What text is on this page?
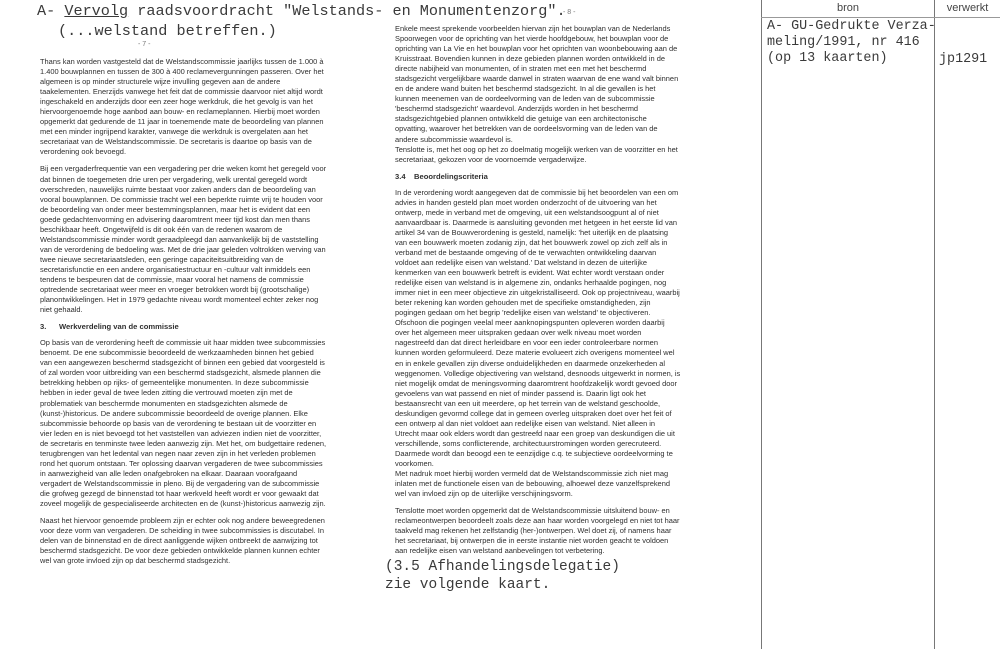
A- Vervolg raadsvoordracht "Welstands- en Monumentenzorg".
(...welstand betreffen.)
- 7 -
- 8 -

Thans kan worden vastgesteld dat de Welstandscommissie jaarlijks tussen de 1.000 à 1.400 bouwplannen en tussen de 300 à 400 reclamevergunningen passeren. Over het algemeen is op minder structurele wijze invulling gegeven aan de andere taakelementen. Enerzijds vanwege het feit dat de commissie daarvoor niet altijd wordt ingeschakeld en anderzijds door een zeer hoge werkdruk, die het gevolg is van het hiervoorgenoemde hoge aanbod aan bouw- en reclameplannen. Hierbij moet worden opgemerkt dat gedurende de 11 jaar in toenemende mate de beoordeling van plannen met een minder ingrijpend karakter, vanwege die werkdruk is overgelaten aan het secretariaat van de Welstandscommissie. De secretaris is daartoe op basis van de verordening ook bevoegd.

Bij een vergaderfrequentie van een vergadering per drie weken komt het geregeld voor dat binnen de toegemeten drie uren per vergadering, welk urental geregeld wordt overschreden, nauwelijks ruimte bestaat voor zaken anders dan de beoordeling van vooral bouwplannen. De commissie tracht wel een beperkte ruimte vrij te houden voor de beoordeling van onder meer bestemmingsplannen, maar het is evident dat een goede gedachtenvorming en advisering daaromtrent meer tijd kost dan men thans beschikbaar heeft. Ongetwijfeld is dit ook één van de redenen waarom de Welstandscommissie minder wordt geraadpleegd dan aanvankelijk bij de vaststelling van de verordening de bedoeling was. Met de drie jaar geleden voltrokken werving van twee nieuwe secretariaatsleden, een geringe capaciteitsuitbreiding van de secretarisfunctie en een andere organisatiestructuur en -cultuur valt inmiddels een tendens te bespeuren dat de commissie, maar vooral het namens de commissie optredende secretariaat weer meer en vroeger betrokken wordt bij (grootschalige) planontwikkelingen. Het in 1979 gedachte niveau wordt momenteel echter zeker nog niet gehaald.

3. Werkverdeling van de commissie

Op basis van de verordening heeft de commissie uit haar midden twee subcommissies benoemt. De ene subcommissie beoordeeld de werkzaamheden binnen het gebied van een aangewezen beschermd stadsgezicht of binnen een gebied dat voorgesteld is of zal worden voor uitbreiding van een beschermd stadsgezicht, alsmede plannen die betrekking hebben op rijks- of gemeentelijke monumenten. In deze subcommissie hebben in ieder geval de twee leden zitting die vertrouwd moeten zijn met de problematiek van beschermde monumenten en stadsgezichten alsmede de (kunst-)historicus. De andere subcommissie beoordeeld de overige plannen. Elke subcommissie behoorde op basis van de verordening te bestaan uit de voorzitter en vier leden en is niet bevoegd tot het vaststellen van adviezen indien niet de voorzitter, de secretaris en tenminste twee leden aanwezig zijn. Met het, om budgettaire redenen, terugbrengen van het ledental van negen naar zeven zijn in het verleden problemen rond het quorum ontstaan. Ter oplossing daarvan vergaderen de twee subcommissies in aanwezigheid van alle leden onafgebroken na elkaar. Daaraan voorafgaand vergadert de Welstandscommissie in pleno. Bij de vergadering van de subcommissie die grofweg gezegd de binnenstad tot haar werkveld heeft wordt er voor gewaakt dat zoveel mogelijk de gespecialiseerde architecten en de (kunst-)historicus aanwezig zijn.

Naast het hiervoor genoemde probleem zijn er echter ook nog andere beweegredenen voor deze vorm van vergaderen. De scheiding in twee subcommissies is discutabel. In delen van de binnenstad en de direct aanliggende wijken ontbreekt de aanwijzing tot beschermd stadsgezicht. De voor deze gebieden ontwikkelde plannen kunnen echter wel van grote invloed zijn op dat beschermd stadsgezicht.

Enkele meest sprekende voorbeelden hiervan zijn het bouwplan van de Nederlands Spoorwegen voor de oprichting van het vierde hoofdgebouw, het bouwplan voor de oprichting van La Vie en het bouwplan voor het oprichten van woonbebouwing aan de Kruisstraat. Bovendien kunnen in deze gebieden plannen worden ontwikkeld in de directe nabijheid van monumenten, of in straten met een met het beschermd stadsgezicht vergelijkbare waarde danwel in straten waarvan de ene wand valt binnen en de andere wand buiten het beschermd stadsgezicht. In al die gevallen is het kunnen meenemen van de oordeelvorming van de leden van de subcommissie 'beschermd stadsgezicht' waardevol. Anderzijds worden in het beschermd stadsgezichtgebied plannen ontwikkeld die getuige van een architectonische opvatting, waarover het betrekken van de oordeelsvorming van de leden van de andere subcommissie waardevol is.

Tenslotte is, met het oog op het zo doelmatig mogelijk werken van de voorzitter en het secretariaat, gekozen voor de voornoemde vergaderwijze.

3.4 Beoordelingscriteria

In de verordening wordt aangegeven dat de commissie bij het beoordelen van een om advies in handen gesteld plan moet worden onderzocht of de uitvoering van het ontwerp, mede in verband met de omgeving, uit een welstandsoogpunt al of niet aanvaardbaar is. Daarmede is aansluiting gevonden met hetgeen in het eerste lid van artikel 34 van de Bouwverordening is gesteld, namelijk: 'het uiterlijk en de plaatsing van een bouwwerk moeten zodanig zijn, dat het bouwwerk zowel op zich zelf als in verband met de bestaande omgeving of de te verwachten ontwikkeling daarvan voldoet aan redelijke eisen van welstand.' Dat welstand in dezen de uiterlijke kenmerken van een bouwwerk betreft is evident. Wat echter wordt verstaan onder redelijke eisen van welstand is in algemene zin, ondanks herhaalde pogingen, nog immer niet in een meer objectieve zin uitgekristalliseerd. Ook op projectniveau, waarbij beter rekening kan worden gehouden met de specifieke omstandigheden, zijn pogingen gedaan om het begrip 'redelijke eisen van welstand' te objectiveren. Ofschoon die pogingen veelal meer aanknopingspunten opleveren worden daarbij over het algemeen meer uitspraken gedaan over welk niveau moet worden nagestreefd dan dat direct herleidbare en voor een ieder controleerbare normen kunnen worden geformuleerd. Deze materie evolueert zich overigens momenteel wel en in enkele gevallen zijn diverse onduidelijkheden en daarmede onzekerheden al weggenomen. Volledige objectivering van welstand, desnoods uitgewerkt in normen, is niet mogelijk omdat de meningsvorming daaromtrent hoofdzakelijk wordt gevoed door gevoelens van wat passend en niet of minder passend is. Daarin ligt ook het bestaansrecht van een uit meerdere, op het terrein van de welstand geschoolde, deskundigen gevormd college dat in gemeen overleg uitspraken doet over het feit of een ontwerp al dan niet voldoet aan redelijke eisen van welstand. Niet alleen in Utrecht maar ook elders wordt dan gestreefd naar een groep van deskundigen die uit verschillende, soms conflicterende, architectuurstromingen worden gerecruteerd. Daarmede wordt dan beoogd een te eenzijdige c.q. te subjectieve oordeelvorming te voorkomen.

Met nadruk moet hierbij worden vermeld dat de Welstandscommissie zich niet mag inlaten met de functionele eisen van de bebouwing, alhoewel deze vanzelfsprekend wel van invloed zijn op de uiterlijke verschijningsvorm.

Tenslotte moet worden opgemerkt dat de Welstandscommissie uitsluitend bouw- en reclameontwerpen beoordeelt zoals deze aan haar worden voorgelegd en niet tot haar taakveld mag rekenen het zelfstandig (her-)ontwerpen. Wel doet zij, of namens haar het secretariaat, bij ontwerpen die in eerste instantie niet worden geacht te voldoen aan redelijke eisen van welstand aanbevelingen tot verbetering.

(3.5 Afhandelingsdelegatie)
zie volgende kaart.
bron	verwerkt
A- GU-Gedrukte Verza-
meling/1991, nr 416
(op 13 kaarten)	jp1291
